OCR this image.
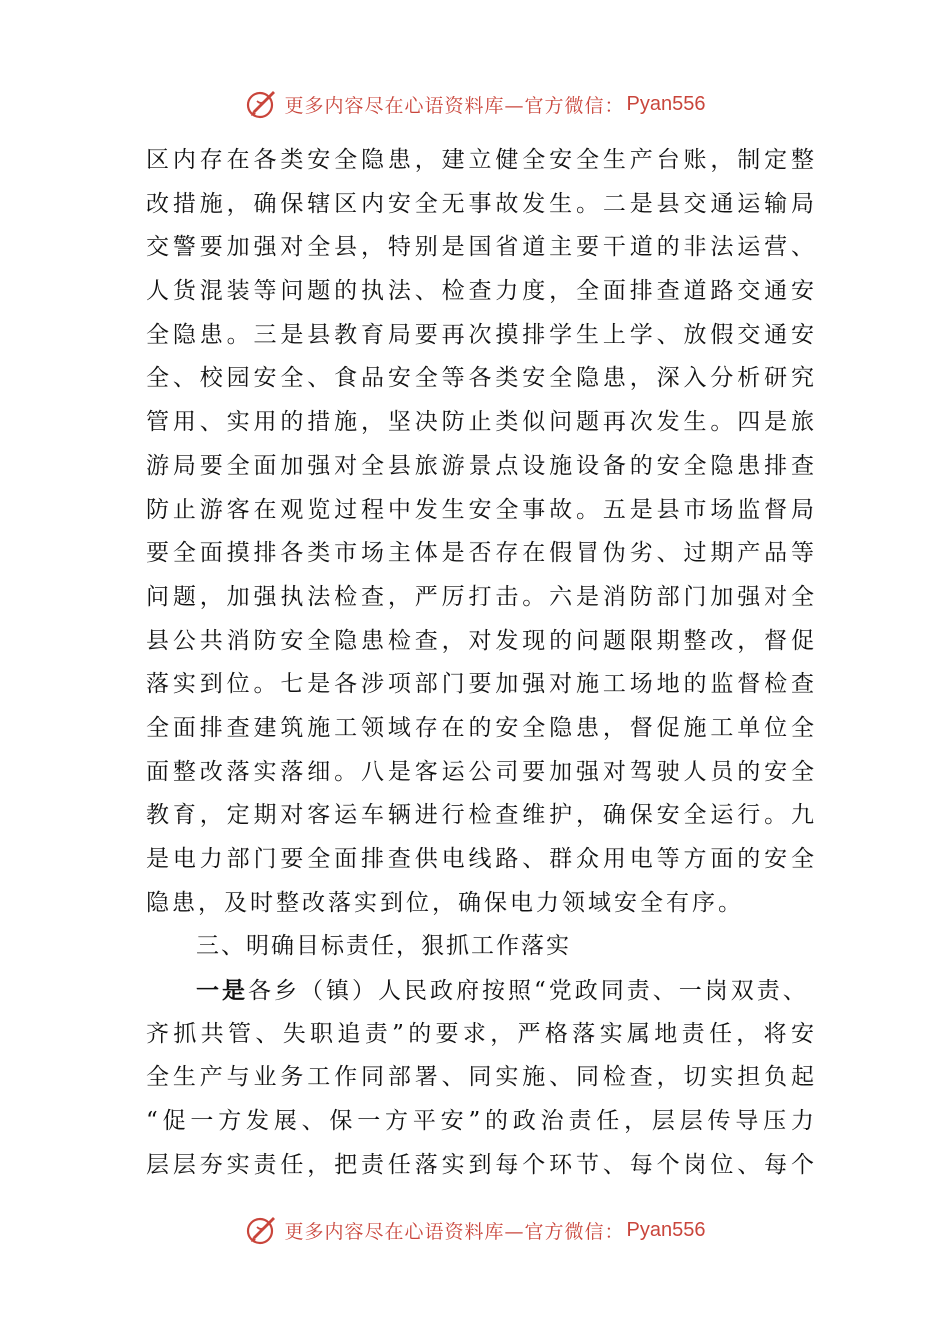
更多内容尽在心语资料库—官方微信： Pyan556
区内存在各类安全隐患，建立健全安全生产台账，制定整
改措施，确保辖区内安全无事故发生。二是县交通运输局
交警要加强对全县，特别是国省道主要干道的非法运营、
人货混装等问题的执法、检查力度，全面排查道路交通安
全隐患。三是县教育局要再次摸排学生上学、放假交通安
全、校园安全、食品安全等各类安全隐患，深入分析研究
管用、实用的措施，坚决防止类似问题再次发生。四是旅
游局要全面加强对全县旅游景点设施设备的安全隐患排查
防止游客在观览过程中发生安全事故。五是县市场监督局
要全面摸排各类市场主体是否存在假冒伪劣、过期产品等
问题，加强执法检查，严厉打击。六是消防部门加强对全
县公共消防安全隐患检查，对发现的问题限期整改，督促
落实到位。七是各涉项部门要加强对施工场地的监督检查
全面排查建筑施工领域存在的安全隐患，督促施工单位全
面整改落实落细。八是客运公司要加强对驾驶人员的安全
教育，定期对客运车辆进行检查维护，确保安全运行。九
是电力部门要全面排查供电线路、群众用电等方面的安全
隐患，及时整改落实到位，确保电力领域安全有序。
三、明确目标责任，狠抓工作落实
一是各乡（镇）人民政府按照“党政同责、一岗双责、
齐抓共管、失职追责”的要求，严格落实属地责任，将安
全生产与业务工作同部署、同实施、同检查，切实担负起
“促一方发展、保一方平安”的政治责任，层层传导压力
层层夯实责任，把责任落实到每个环节、每个岗位、每个
更多内容尽在心语资料库—官方微信： Pyan556
